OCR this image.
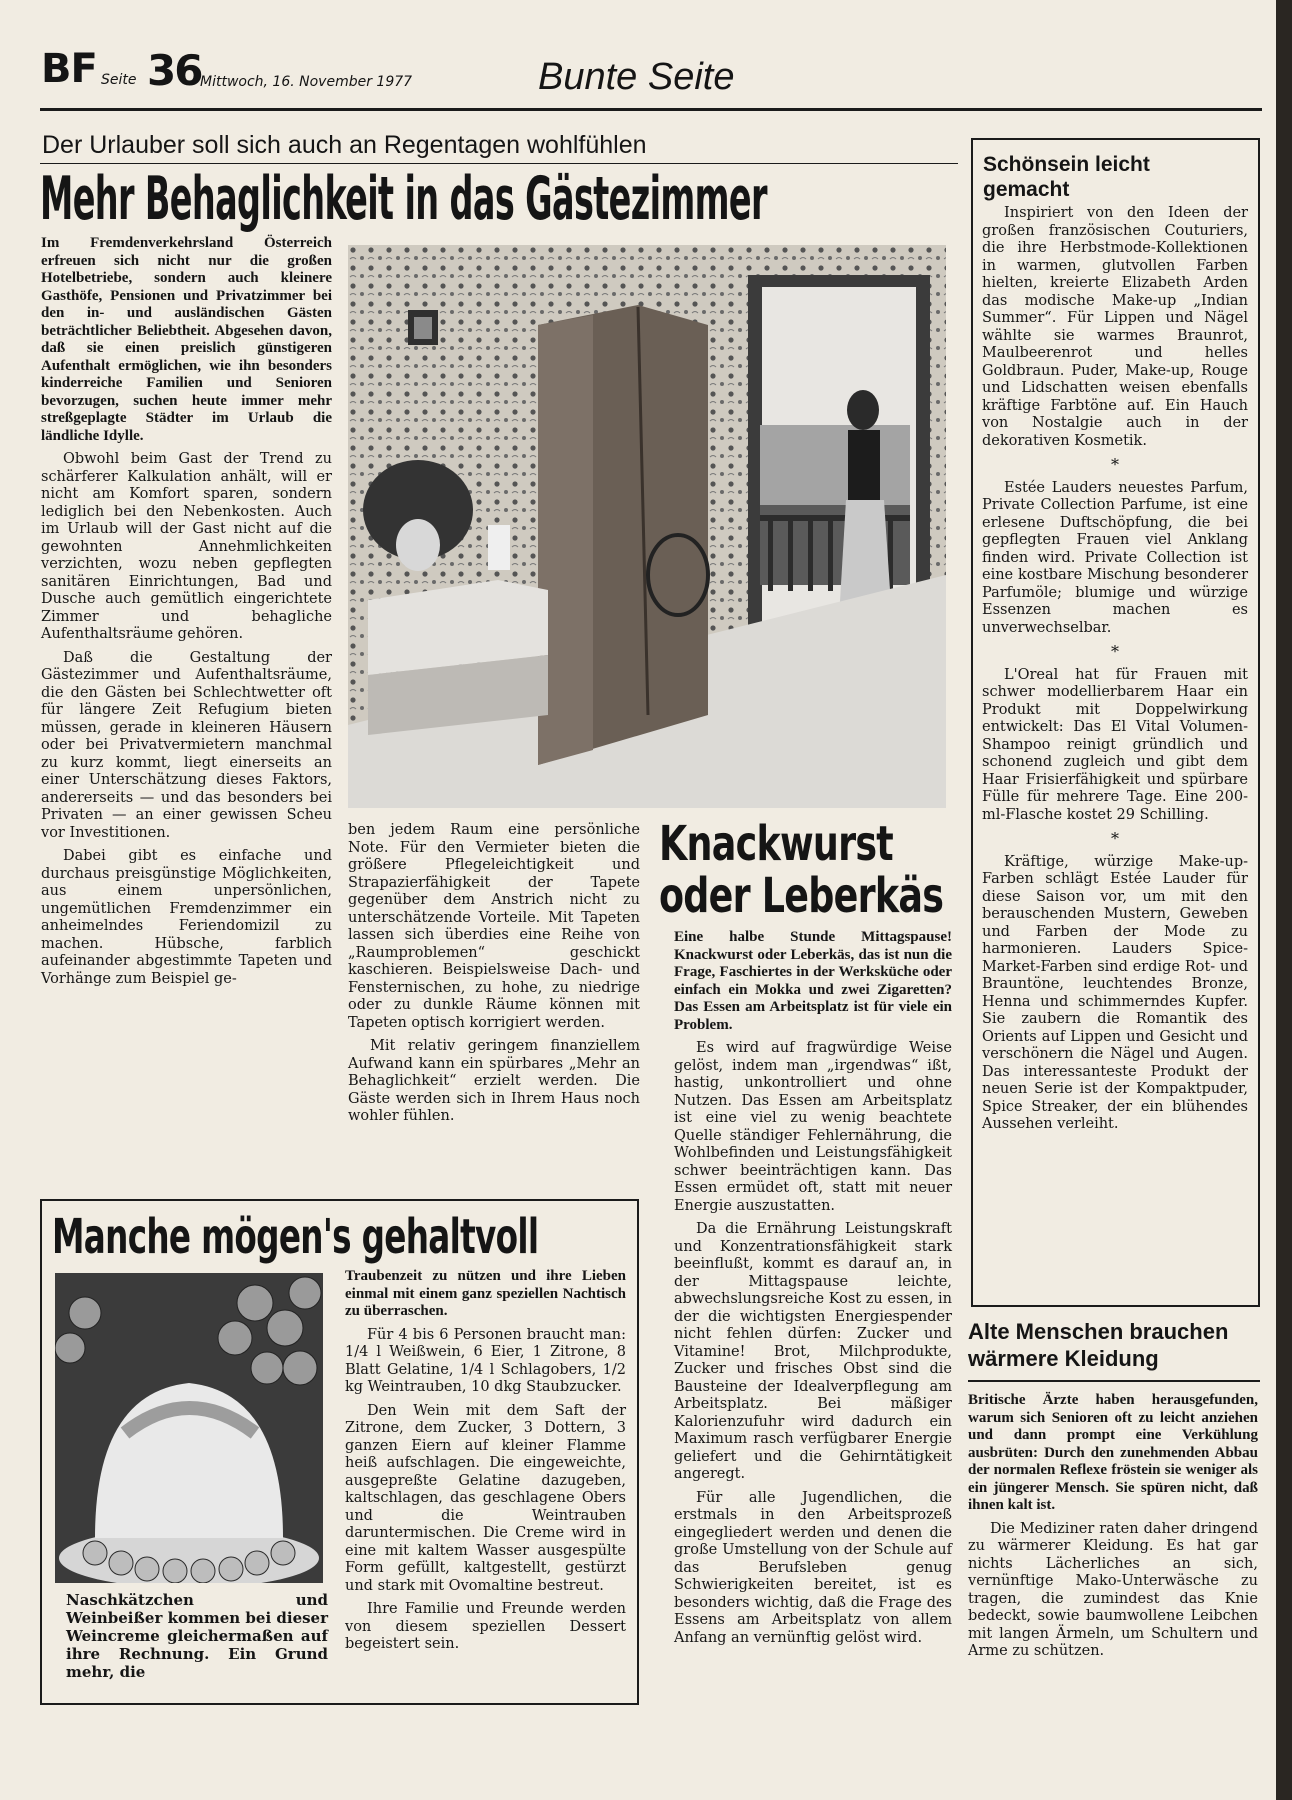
BF Seite 36
Mittwoch, 16. November 1977	Bunte Seite
Der Urlauber soll sich auch an Regentagen wohlfühlen
Mehr Behaglichkeit in das Gästezimmer

Im Fremdenverkehrsland Österreich erfreuen sich nicht nur die großen Hotelbetriebe, sondern auch kleinere Gasthöfe, Pensionen und Privatzimmer bei den in- und ausländischen Gästen beträchtlicher Beliebtheit. Abgesehen davon, daß sie einen preislich günstigeren Aufenthalt ermöglichen, wie ihn besonders kinderreiche Familien und Senioren bevorzugen, suchen heute immer mehr streßgeplagte Städter im Urlaub die ländliche Idylle.

Obwohl beim Gast der Trend zu schärferer Kalkulation anhält, will er nicht am Komfort sparen, sondern lediglich bei den Nebenkosten. Auch im Urlaub will der Gast nicht auf die gewohnten Annehmlichkeiten verzichten, wozu neben gepflegten sanitären Einrichtungen, Bad und Dusche auch gemütlich eingerichtete Zimmer und behagliche Aufenthaltsräume gehören.

Daß die Gestaltung der Gästezimmer und Aufenthaltsräume, die den Gästen bei Schlechtwetter oft für längere Zeit Refugium bieten müssen, gerade in kleineren Häusern oder bei Privatvermietern manchmal zu kurz kommt, liegt einerseits an einer Unterschätzung dieses Faktors, andererseits — und das besonders bei Privaten — an einer gewissen Scheu vor Investitionen.

Dabei gibt es einfache und durchaus preisgünstige Möglichkeiten, aus einem unpersönlichen, ungemütlichen Fremdenzimmer ein anheimelndes Feriendomizil zu machen. Hübsche, farblich aufeinander abgestimmte Tapeten und Vorhänge zum Beispiel ge-

ben jedem Raum eine persönliche Note. Für den Vermieter bieten die größere Pflegeleichtigkeit und Strapazierfähigkeit der Tapete gegenüber dem Anstrich nicht zu unterschätzende Vorteile. Mit Tapeten lassen sich überdies eine Reihe von „Raumproblemen“ geschickt kaschieren. Beispielsweise Dach- und Fensternischen, zu hohe, zu niedrige oder zu dunkle Räume können mit Tapeten optisch korrigiert werden.

Mit relativ geringem finanziellem Aufwand kann ein spürbares „Mehr an Behaglichkeit“ erzielt werden. Die Gäste werden sich in Ihrem Haus noch wohler fühlen.

Knackwurst
oder Leberkäs

Eine halbe Stunde Mittagspause! Knackwurst oder Leberkäs, das ist nun die Frage, Faschiertes in der Werksküche oder einfach ein Mokka und zwei Zigaretten? Das Essen am Arbeitsplatz ist für viele ein Problem.

Es wird auf fragwürdige Weise gelöst, indem man „irgendwas“ ißt, hastig, unkontrolliert und ohne Nutzen. Das Essen am Arbeitsplatz ist eine viel zu wenig beachtete Quelle ständiger Fehlernährung, die Wohlbefinden und Leistungsfähigkeit schwer beeinträchtigen kann. Das Essen ermüdet oft, statt mit neuer Energie auszustatten.

Da die Ernährung Leistungskraft und Konzentrationsfähigkeit stark beeinflußt, kommt es darauf an, in der Mittagspause leichte, abwechslungsreiche Kost zu essen, in der die wichtigsten Energiespender nicht fehlen dürfen: Zucker und Vitamine! Brot, Milchprodukte, Zucker und frisches Obst sind die Bausteine der Idealverpflegung am Arbeitsplatz. Bei mäßiger Kalorienzufuhr wird dadurch ein Maximum rasch verfügbarer Energie geliefert und die Gehirntätigkeit angeregt.

Für alle Jugendlichen, die erstmals in den Arbeitsprozeß eingegliedert werden und denen die große Umstellung von der Schule auf das Berufsleben genug Schwierigkeiten bereitet, ist es besonders wichtig, daß die Frage des Essens am Arbeitsplatz von allem Anfang an vernünftig gelöst wird.

Manche mögen's gehaltvoll
Naschkätzchen und Weinbeißer kommen bei dieser Weincreme gleichermaßen auf ihre Rechnung. Ein Grund mehr, die

Traubenzeit zu nützen und ihre Lieben einmal mit einem ganz speziellen Nachtisch zu überraschen.

Für 4 bis 6 Personen braucht man: 1/4 l Weißwein, 6 Eier, 1 Zitrone, 8 Blatt Gelatine, 1/4 l Schlagobers, 1/2 kg Weintrauben, 10 dkg Staubzucker.

Den Wein mit dem Saft der Zitrone, dem Zucker, 3 Dottern, 3 ganzen Eiern auf kleiner Flamme heiß aufschlagen. Die eingeweichte, ausgepreßte Gelatine dazugeben, kaltschlagen, das geschlagene Obers und die Weintrauben daruntermischen. Die Creme wird in eine mit kaltem Wasser ausgespülte Form gefüllt, kaltgestellt, gestürzt und stark mit Ovomaltine bestreut.

Ihre Familie und Freunde werden von diesem speziellen Dessert begeistert sein.

Schönsein leicht gemacht

Inspiriert von den Ideen der großen französischen Couturiers, die ihre Herbstmode-Kollektionen in warmen, glutvollen Farben hielten, kreierte Elizabeth Arden das modische Make-up „Indian Summer“. Für Lippen und Nägel wählte sie warmes Braunrot, Maulbeerenrot und helles Goldbraun. Puder, Make-up, Rouge und Lidschatten weisen ebenfalls kräftige Farbtöne auf. Ein Hauch von Nostalgie auch in der dekorativen Kosmetik.

*

Estée Lauders neuestes Parfum, Private Collection Parfume, ist eine erlesene Duftschöpfung, die bei gepflegten Frauen viel Anklang finden wird. Private Collection ist eine kostbare Mischung besonderer Parfumöle; blumige und würzige Essenzen machen es unverwechselbar.

*

L'Oreal hat für Frauen mit schwer modellierbarem Haar ein Produkt mit Doppelwirkung entwickelt: Das El Vital Volumen-Shampoo reinigt gründlich und schonend zugleich und gibt dem Haar Frisierfähigkeit und spürbare Fülle für mehrere Tage. Eine 200-ml-Flasche kostet 29 Schilling.

*

Kräftige, würzige Make-up-Farben schlägt Estée Lauder für diese Saison vor, um mit den berauschenden Mustern, Geweben und Farben der Mode zu harmonieren. Lauders Spice-Market-Farben sind erdige Rot- und Brauntöne, leuchtendes Bronze, Henna und schimmerndes Kupfer. Sie zaubern die Romantik des Orients auf Lippen und Gesicht und verschönern die Nägel und Augen. Das interessanteste Produkt der neuen Serie ist der Kompaktpuder, Spice Streaker, der ein blühendes Aussehen verleiht.

Alte Menschen brauchen wärmere Kleidung

Britische Ärzte haben herausgefunden, warum sich Senioren oft zu leicht anziehen und dann prompt eine Verkühlung ausbrüten: Durch den zunehmenden Abbau der normalen Reflexe fröstein sie weniger als ein jüngerer Mensch. Sie spüren nicht, daß ihnen kalt ist.

Die Mediziner raten daher dringend zu wärmerer Kleidung. Es hat gar nichts Lächerliches an sich, vernünftige Mako-Unterwäsche zu tragen, die zumindest das Knie bedeckt, sowie baumwollene Leibchen mit langen Ärmeln, um Schultern und Arme zu schützen.
